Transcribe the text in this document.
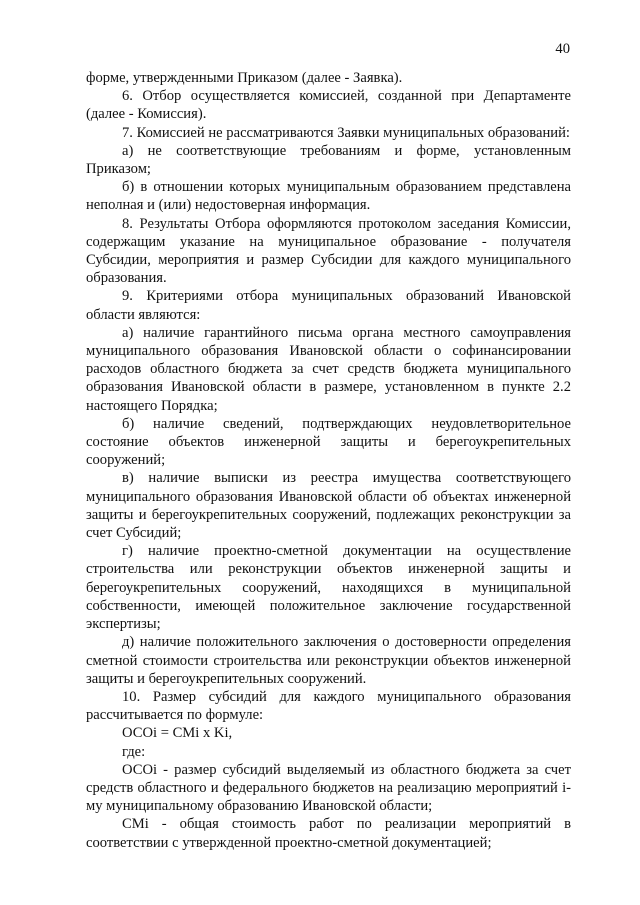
40

форме, утвержденными Приказом (далее - Заявка).

6. Отбор осуществляется комиссией, созданной при Департаменте (далее - Комиссия).

7. Комиссией не рассматриваются Заявки муниципальных образований:

а) не соответствующие требованиям и форме, установленным Приказом;

б) в отношении которых муниципальным образованием представлена неполная и (или) недостоверная информация.

8. Результаты Отбора оформляются протоколом заседания Комиссии, содержащим указание на муниципальное образование - получателя Субсидии, мероприятия и размер Субсидии для каждого муниципального образования.

9. Критериями отбора муниципальных образований Ивановской области являются:

а) наличие гарантийного письма органа местного самоуправления муниципального образования Ивановской области о софинансировании расходов областного бюджета за счет средств бюджета муниципального образования Ивановской области в размере, установленном в пункте 2.2 настоящего Порядка;

б) наличие сведений, подтверждающих неудовлетворительное состояние объектов инженерной защиты и берегоукрепительных сооружений;

в) наличие выписки из реестра имущества соответствующего муниципального образования Ивановской области об объектах инженерной защиты и берегоукрепительных сооружений, подлежащих реконструкции за счет Субсидий;

г) наличие проектно-сметной документации на осуществление строительства или реконструкции объектов инженерной защиты и берегоукрепительных сооружений, находящихся в муниципальной собственности, имеющей положительное заключение государственной экспертизы;

д) наличие положительного заключения о достоверности определения сметной стоимости строительства или реконструкции объектов инженерной защиты и берегоукрепительных сооружений.

10. Размер субсидий для каждого муниципального образования рассчитывается по формуле:

ОСОi = СМi x Ki,

где:

ОСОi - размер субсидий выделяемый из областного бюджета за счет средств областного и федерального бюджетов на реализацию мероприятий i-му муниципальному образованию Ивановской области;

СМi - общая стоимость работ по реализации мероприятий в соответствии с утвержденной проектно-сметной документацией;
